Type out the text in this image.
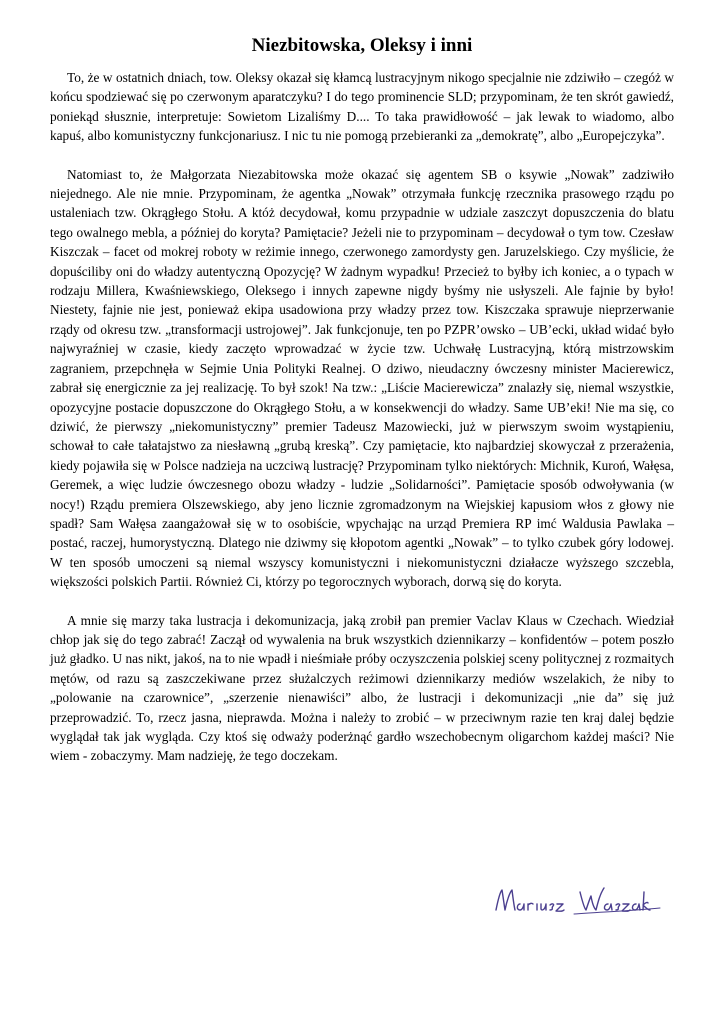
Niezbitowska, Oleksy i inni

To, że w ostatnich dniach, tow. Oleksy okazał się kłamcą lustracyjnym nikogo specjalnie nie zdziwiło – czegóż w końcu spodziewać się po czerwonym aparatczyku? I do tego prominencie SLD; przypominam, że ten skrót gawiedź, poniekąd słusznie, interpretuje: Sowietom Lizaliśmy D.... To taka prawidłowość – jak lewak to wiadomo, albo kapuś, albo komunistyczny funkcjonariusz. I nic tu nie pomogą przebieranki za „demokratę”, albo „Europejczyka”.

Natomiast to, że Małgorzata Niezabitowska może okazać się agentem SB o ksywie „Nowak” zadziwiło niejednego. Ale nie mnie. Przypominam, że agentka „Nowak” otrzymała funkcję rzecznika prasowego rządu po ustaleniach tzw. Okrągłego Stołu. A któż decydował, komu przypadnie w udziale zaszczyt dopuszczenia do blatu tego owalnego mebla, a później do koryta? Pamiętacie? Jeżeli nie to przypominam – decydował o tym tow. Czesław Kiszczak – facet od mokrej roboty w reżimie innego, czerwonego zamordysty gen. Jaruzelskiego. Czy myślicie, że dopuściliby oni do władzy autentyczną Opozycję? W żadnym wypadku! Przecież to byłby ich koniec, a o typach w rodzaju Millera, Kwaśniewskiego, Oleksego i innych zapewne nigdy byśmy nie usłyszeli. Ale fajnie by było! Niestety, fajnie nie jest, ponieważ ekipa usadowiona przy władzy przez tow. Kiszczaka sprawuje nieprzerwanie rządy od okresu tzw. „transformacji ustrojowej”. Jak funkcjonuje, ten po PZPR’owsko – UB’ecki, układ widać było najwyraźniej w czasie, kiedy zaczęto wprowadzać w życie tzw. Uchwałę Lustracyjną, którą mistrzowskim zagraniem, przepchnęła w Sejmie Unia Polityki Realnej. O dziwo, nieudaczny ówczesny minister Macierewicz, zabrał się energicznie za jej realizację. To był szok! Na tzw.: „Liście Macierewicza” znalazły się, niemal wszystkie, opozycyjne postacie dopuszczone do Okrągłego Stołu, a w konsekwencji do władzy. Same UB’eki! Nie ma się, co dziwić, że pierwszy „niekomunistyczny” premier Tadeusz Mazowiecki, już w pierwszym swoim wystąpieniu, schował to całe tałatajstwo za niesławną „grubą kreską”. Czy pamiętacie, kto najbardziej skowyczał z przerażenia, kiedy pojawiła się w Polsce nadzieja na uczciwą lustrację? Przypominam tylko niektórych: Michnik, Kuroń, Wałęsa, Geremek, a więc ludzie ówczesnego obozu władzy - ludzie „Solidarności”. Pamiętacie sposób odwoływania (w nocy!) Rządu premiera Olszewskiego, aby jeno licznie zgromadzonym na Wiejskiej kapusiom włos z głowy nie spadł? Sam Wałęsa zaangażował się w to osobiście, wpychając na urząd Premiera RP imć Waldusia Pawlaka – postać, raczej, humorystyczną. Dlatego nie dziwmy się kłopotom agentki „Nowak” – to tylko czubek góry lodowej. W ten sposób umoczeni są niemal wszyscy komunistyczni i niekomunistyczni działacze wyższego szczebla, większości polskich Partii. Również Ci, którzy po tegorocznych wyborach, dorwą się do koryta.

A mnie się marzy taka lustracja i dekomunizacja, jaką zrobił pan premier Vaclav Klaus w Czechach. Wiedział chłop jak się do tego zabrać! Zaczął od wywalenia na bruk wszystkich dziennikarzy – konfidentów – potem poszło już gładko. U nas nikt, jakoś, na to nie wpadł i nieśmiałe próby oczyszczenia polskiej sceny politycznej z rozmaitych mętów, od razu są zaszczekiwane przez służalczych reżimowi dziennikarzy mediów wszelakich, że niby to „polowanie na czarownice”, „szerzenie nienawiści” albo, że lustracji i dekomunizacji „nie da” się już przeprowadzić. To, rzecz jasna, nieprawda. Można i należy to zrobić – w przeciwnym razie ten kraj dalej będzie wyglądał tak jak wygląda. Czy ktoś się odważy poderżnąć gardło wszechobecnym oligarchom każdej maści? Nie wiem - zobaczymy. Mam nadzieję, że tego doczekam.
